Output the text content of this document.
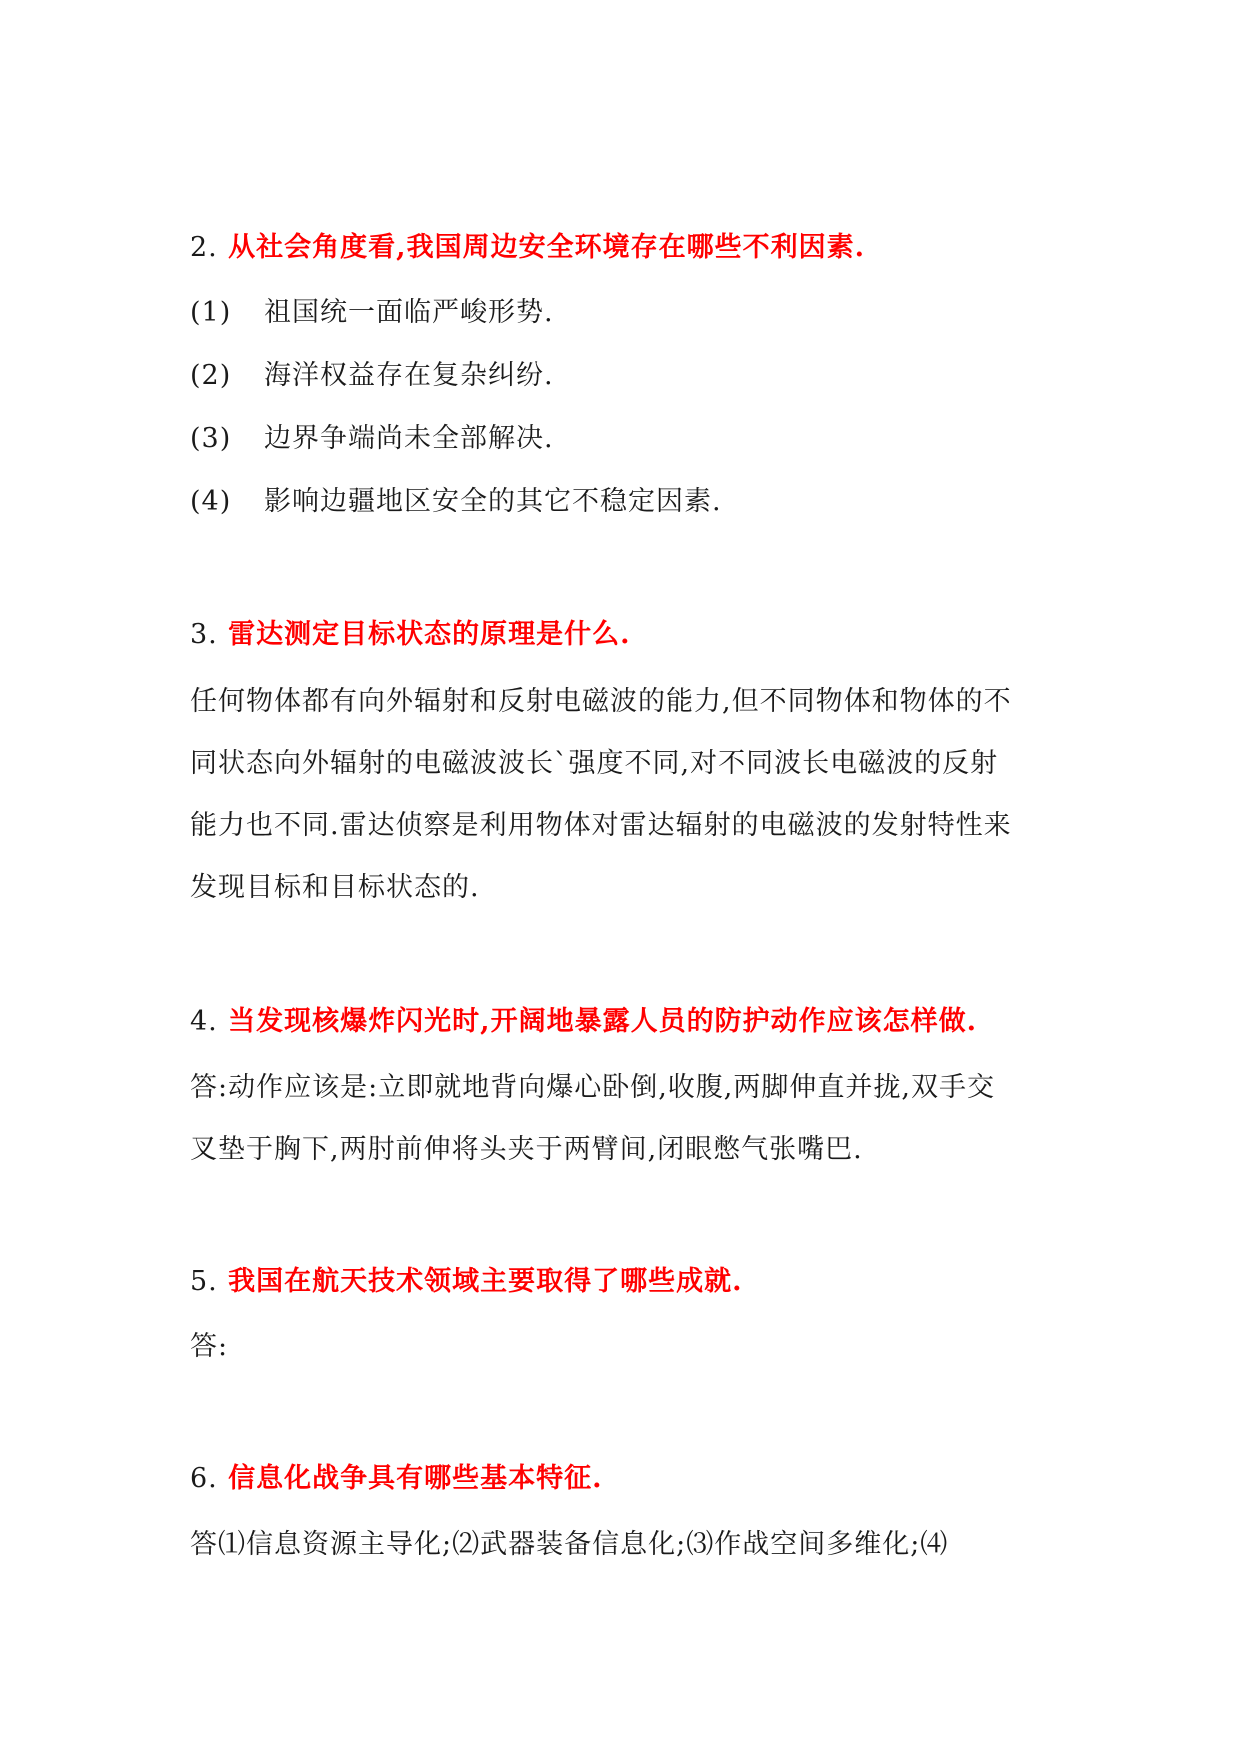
2. 从社会角度看,我国周边安全环境存在哪些不利因素.
(1) 祖国统一面临严峻形势.
(2) 海洋权益存在复杂纠纷.
(3) 边界争端尚未全部解决.
(4) 影响边疆地区安全的其它不稳定因素.
3. 雷达测定目标状态的原理是什么.
任何物体都有向外辐射和反射电磁波的能力,但不同物体和物体的不
同状态向外辐射的电磁波波长`强度不同,对不同波长电磁波的反射
能力也不同.雷达侦察是利用物体对雷达辐射的电磁波的发射特性来
发现目标和目标状态的.
4. 当发现核爆炸闪光时,开阔地暴露人员的防护动作应该怎样做.
答:动作应该是:立即就地背向爆心卧倒,收腹,两脚伸直并拢,双手交
叉垫于胸下,两肘前伸将头夹于两臂间,闭眼憋气张嘴巴.
5. 我国在航天技术领域主要取得了哪些成就.
答:
6. 信息化战争具有哪些基本特征.
答⑴信息资源主导化;⑵武器装备信息化;⑶作战空间多维化;⑷
